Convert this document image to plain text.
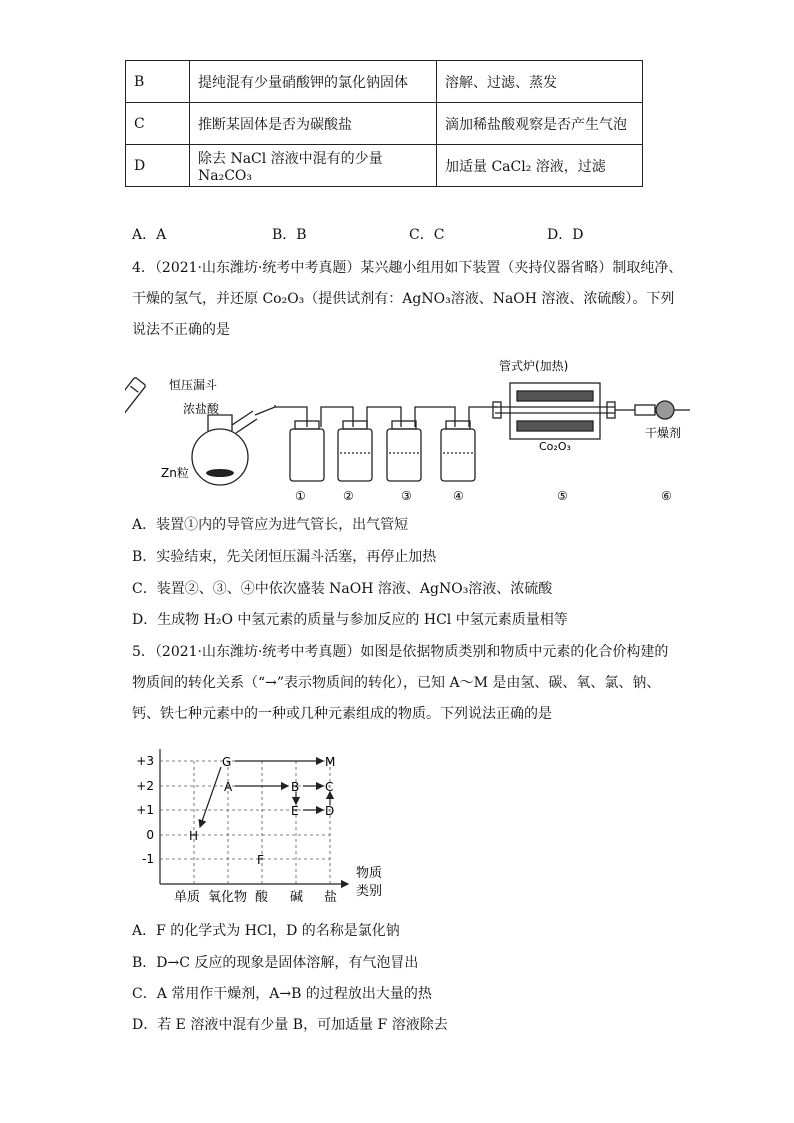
B	提纯混有少量硝酸钾的氯化钠固体	溶解、过滤、蒸发
C	推断某固体是否为碳酸盐	滴加稀盐酸观察是否产生气泡
D	除去 NaCl 溶液中混有的少量 Na₂CO₃	加适量 CaCl₂ 溶液，过滤
A．A	B．B	C．C	D．D
4．（2021·山东潍坊·统考中考真题）某兴趣小组用如下装置（夹持仪器省略）制取纯净、
干燥的氢气，并还原 Co₂O₃（提供试剂有：AgNO₃溶液、NaOH 溶液、浓硫酸）。下列
说法不正确的是
恒压漏斗
浓盐酸
Zn粒
管式炉(加热)
Co₂O₃
干燥剂
①	②	③	④	⑤	⑥
A．装置①内的导管应为进气管长，出气管短
B．实验结束，先关闭恒压漏斗活塞，再停止加热
C．装置②、③、④中依次盛装 NaOH 溶液、AgNO₃溶液、浓硫酸
D．生成物 H₂O 中氢元素的质量与参加反应的 HCl 中氢元素质量相等
5．（2021·山东潍坊·统考中考真题）如图是依据物质类别和物质中元素的化合价构建的
物质间的转化关系（“→”表示物质间的转化），已知 A～M 是由氢、碳、氧、氯、钠、
钙、铁七种元素中的一种或几种元素组成的物质。下列说法正确的是
+3
+2
+1
0
-1
单质 氧化物 酸 碱 盐
物质
类别
G	M
A	B C
E D
H
F
A．F 的化学式为 HCl，D 的名称是氯化钠
B．D→C 反应的现象是固体溶解，有气泡冒出
C．A 常用作干燥剂，A→B 的过程放出大量的热
D．若 E 溶液中混有少量 B，可加适量 F 溶液除去
